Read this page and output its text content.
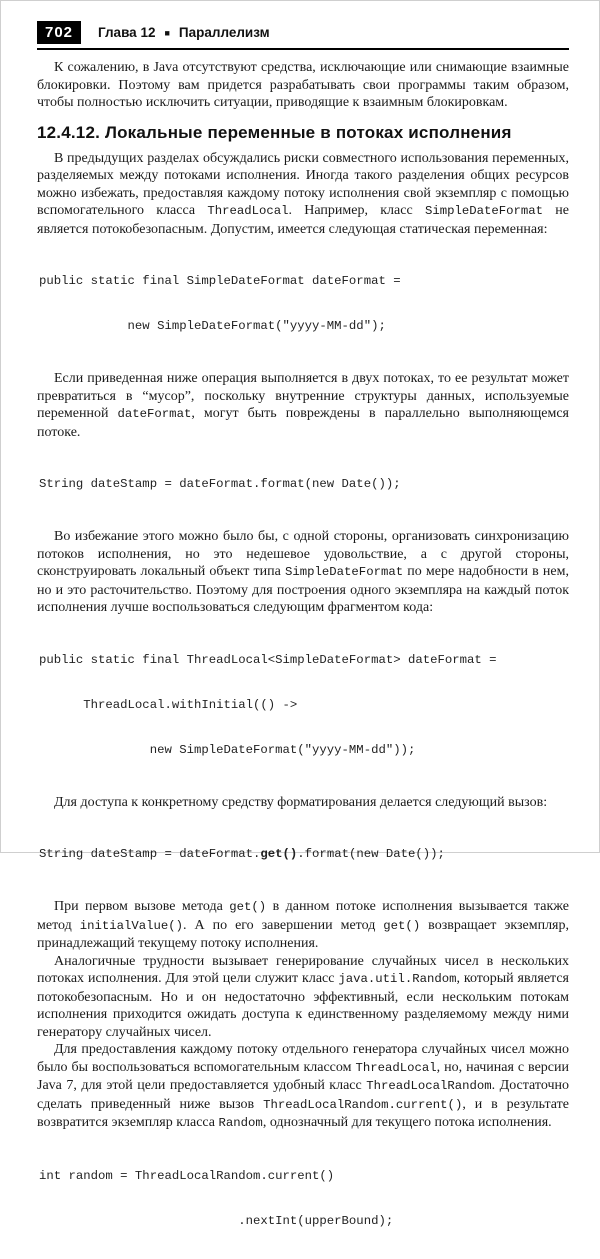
702	Глава 12 ■ Параллелизм

К сожалению, в Java отсутствуют средства, исключающие или снимающие взаимные блокировки. Поэтому вам придется разрабатывать свои программы таким образом, чтобы полностью исключить ситуации, приводящие к взаимным блокировкам.

12.4.12. Локальные переменные в потоках исполнения

В предыдущих разделах обсуждались риски совместного использования переменных, разделяемых между потоками исполнения. Иногда такого разделения общих ресурсов можно избежать, предоставляя каждому потоку исполнения свой экземпляр с помощью вспомогательного класса ThreadLocal. Например, класс SimpleDateFormat не является потокобезопасным. Допустим, имеется следующая статическая переменная:

public static final SimpleDateFormat dateFormat =

new SimpleDateFormat("yyyy-MM-dd");

Если приведенная ниже операция выполняется в двух потоках, то ее результат может превратиться в “мусор”, поскольку внутренние структуры данных, используемые переменной dateFormat, могут быть повреждены в параллельно выполняющемся потоке.

String dateStamp = dateFormat.format(new Date());

Во избежание этого можно было бы, с одной стороны, организовать синхронизацию потоков исполнения, но это недешевое удовольствие, а с другой стороны, сконструировать локальный объект типа SimpleDateFormat по мере надобности в нем, но и это расточительство. Поэтому для построения одного экземпляра на каждый поток исполнения лучше воспользоваться следующим фрагментом кода:

public static final ThreadLocal<SimpleDateFormat> dateFormat =

ThreadLocal.withInitial(() ->

new SimpleDateFormat("yyyy-MM-dd"));

Для доступа к конкретному средству форматирования делается следующий вызов:

String dateStamp = dateFormat.get().format(new Date());

При первом вызове метода get() в данном потоке исполнения вызывается также метод initialValue(). А по его завершении метод get() возвращает экземпляр, принадлежащий текущему потоку исполнения.

Аналогичные трудности вызывает генерирование случайных чисел в нескольких потоках исполнения. Для этой цели служит класс java.util.Random, который является потокобезопасным. Но и он недостаточно эффективный, если нескольким потокам исполнения приходится ожидать доступа к единственному разделяемому между ними генератору случайных чисел.

Для предоставления каждому потоку отдельного генератора случайных чисел можно было бы воспользоваться вспомогательным классом ThreadLocal, но, начиная с версии Java 7, для этой цели предоставляется удобный класс ThreadLocalRandom. Достаточно сделать приведенный ниже вызов ThreadLocalRandom.current(), и в результате возвратится экземпляр класса Random, однозначный для текущего потока исполнения.

int random = ThreadLocalRandom.current()

.nextInt(upperBound);
